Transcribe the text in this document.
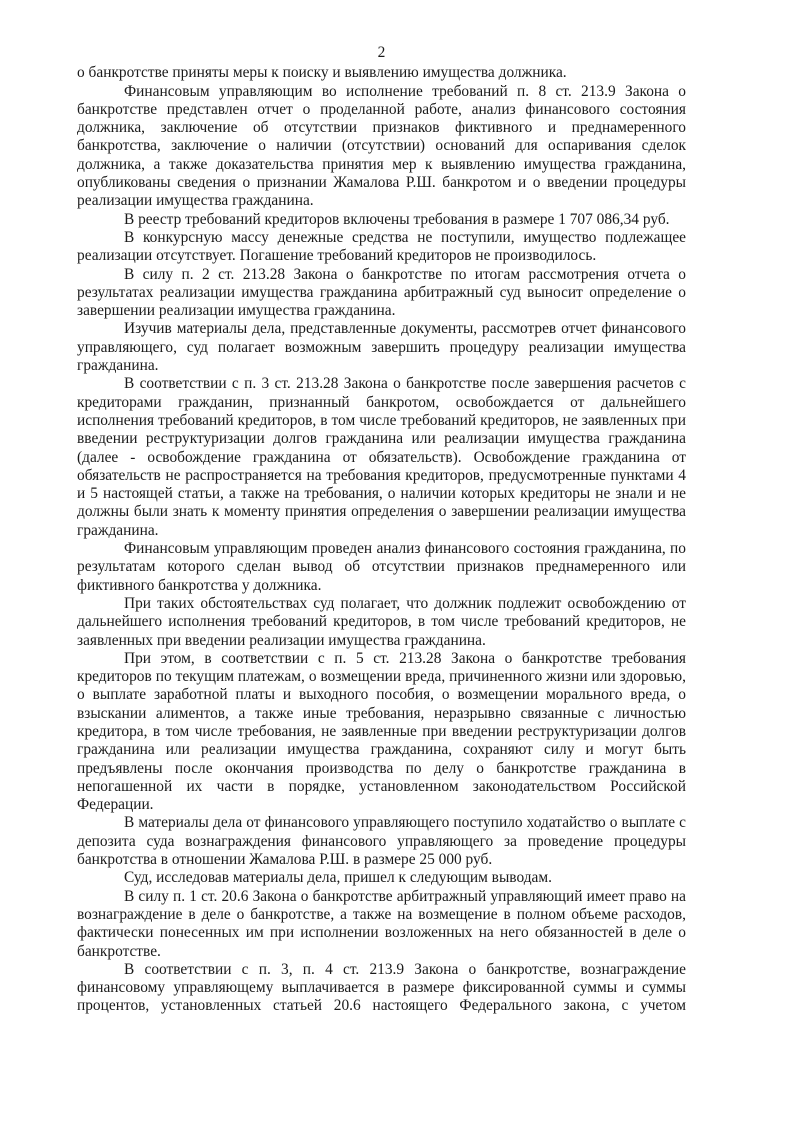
2

о банкротстве приняты меры к поиску и выявлению имущества должника.

Финансовым управляющим во исполнение требований п. 8 ст. 213.9 Закона о банкротстве представлен отчет о проделанной работе, анализ финансового состояния должника, заключение об отсутствии признаков фиктивного и преднамеренного банкротства, заключение о наличии (отсутствии) оснований для оспаривания сделок должника, а также доказательства принятия мер к выявлению имущества гражданина, опубликованы сведения о признании Жамалова Р.Ш. банкротом и о введении процедуры реализации имущества гражданина.

В реестр требований кредиторов включены требования в размере 1 707 086,34 руб.

В конкурсную массу денежные средства не поступили, имущество подлежащее реализации отсутствует. Погашение требований кредиторов не производилось.

В силу п. 2 ст. 213.28 Закона о банкротстве по итогам рассмотрения отчета о результатах реализации имущества гражданина арбитражный суд выносит определение о завершении реализации имущества гражданина.

Изучив материалы дела, представленные документы, рассмотрев отчет финансового управляющего, суд полагает возможным завершить процедуру реализации имущества гражданина.

В соответствии с п. 3 ст. 213.28 Закона о банкротстве после завершения расчетов с кредиторами гражданин, признанный банкротом, освобождается от дальнейшего исполнения требований кредиторов, в том числе требований кредиторов, не заявленных при введении реструктуризации долгов гражданина или реализации имущества гражданина (далее - освобождение гражданина от обязательств). Освобождение гражданина от обязательств не распространяется на требования кредиторов, предусмотренные пунктами 4 и 5 настоящей статьи, а также на требования, о наличии которых кредиторы не знали и не должны были знать к моменту принятия определения о завершении реализации имущества гражданина.

Финансовым управляющим проведен анализ финансового состояния гражданина, по результатам которого сделан вывод об отсутствии признаков преднамеренного или фиктивного банкротства у должника.

При таких обстоятельствах суд полагает, что должник подлежит освобождению от дальнейшего исполнения требований кредиторов, в том числе требований кредиторов, не заявленных при введении реализации имущества гражданина.

При этом, в соответствии с п. 5 ст. 213.28 Закона о банкротстве требования кредиторов по текущим платежам, о возмещении вреда, причиненного жизни или здоровью, о выплате заработной платы и выходного пособия, о возмещении морального вреда, о взыскании алиментов, а также иные требования, неразрывно связанные с личностью кредитора, в том числе требования, не заявленные при введении реструктуризации долгов гражданина или реализации имущества гражданина, сохраняют силу и могут быть предъявлены после окончания производства по делу о банкротстве гражданина в непогашенной их части в порядке, установленном законодательством Российской Федерации.

В материалы дела от финансового управляющего поступило ходатайство о выплате с депозита суда вознаграждения финансового управляющего за проведение процедуры банкротства в отношении Жамалова Р.Ш. в размере 25 000 руб.

Суд, исследовав материалы дела, пришел к следующим выводам.

В силу п. 1 ст. 20.6 Закона о банкротстве арбитражный управляющий имеет право на вознаграждение в деле о банкротстве, а также на возмещение в полном объеме расходов, фактически понесенных им при исполнении возложенных на него обязанностей в деле о банкротстве.

В соответствии с п. 3, п. 4 ст. 213.9 Закона о банкротстве, вознаграждение финансовому управляющему выплачивается в размере фиксированной суммы и суммы процентов, установленных статьей 20.6 настоящего Федерального закона, с учетом
